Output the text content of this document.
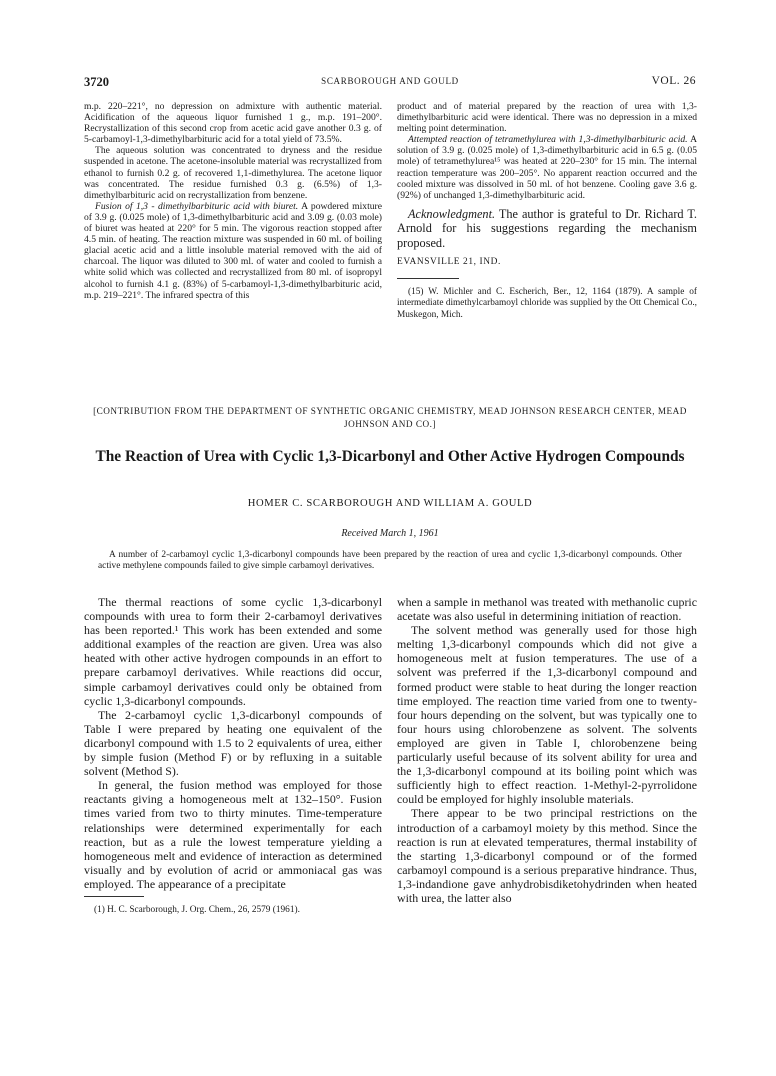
3720	SCARBOROUGH AND GOULD	VOL. 26

m.p. 220–221°, no depression on admixture with authentic material. Acidification of the aqueous liquor furnished 1 g., m.p. 191–200°. Recrystallization of this second crop from acetic acid gave another 0.3 g. of 5-carbamoyl-1,3-dimethylbarbituric acid for a total yield of 73.5%.

The aqueous solution was concentrated to dryness and the residue suspended in acetone. The acetone-insoluble material was recrystallized from ethanol to furnish 0.2 g. of recovered 1,1-dimethylurea. The acetone liquor was concentrated. The residue furnished 0.3 g. (6.5%) of 1,3-dimethylbarbituric acid on recrystallization from benzene.

Fusion of 1,3 - dimethylbarbituric acid with biuret. A powdered mixture of 3.9 g. (0.025 mole) of 1,3-dimethylbarbituric acid and 3.09 g. (0.03 mole) of biuret was heated at 220° for 5 min. The vigorous reaction stopped after 4.5 min. of heating. The reaction mixture was suspended in 60 ml. of boiling glacial acetic acid and a little insoluble material removed with the aid of charcoal. The liquor was diluted to 300 ml. of water and cooled to furnish a white solid which was collected and recrystallized from 80 ml. of isopropyl alcohol to furnish 4.1 g. (83%) of 5-carbamoyl-1,3-dimethylbarbituric acid, m.p. 219–221°. The infrared spectra of this

product and of material prepared by the reaction of urea with 1,3-dimethylbarbituric acid were identical. There was no depression in a mixed melting point determination.

Attempted reaction of tetramethylurea with 1,3-dimethylbarbituric acid. A solution of 3.9 g. (0.025 mole) of 1,3-dimethylbarbituric acid in 6.5 g. (0.05 mole) of tetramethylurea¹⁵ was heated at 220–230° for 15 min. The internal reaction temperature was 200–205°. No apparent reaction occurred and the cooled mixture was dissolved in 50 ml. of hot benzene. Cooling gave 3.6 g. (92%) of unchanged 1,3-dimethylbarbituric acid.

Acknowledgment. The author is grateful to Dr. Richard T. Arnold for his suggestions regarding the mechanism proposed.

EVANSVILLE 21, IND.

(15) W. Michler and C. Escherich, Ber., 12, 1164 (1879). A sample of intermediate dimethylcarbamoyl chloride was supplied by the Ott Chemical Co., Muskegon, Mich.

[CONTRIBUTION FROM THE DEPARTMENT OF SYNTHETIC ORGANIC CHEMISTRY, MEAD JOHNSON RESEARCH CENTER, MEAD JOHNSON AND CO.]
The Reaction of Urea with Cyclic 1,3-Dicarbonyl and Other Active Hydrogen Compounds
HOMER C. SCARBOROUGH AND WILLIAM A. GOULD
Received March 1, 1961
A number of 2-carbamoyl cyclic 1,3-dicarbonyl compounds have been prepared by the reaction of urea and cyclic 1,3-dicarbonyl compounds. Other active methylene compounds failed to give simple carbamoyl derivatives.

The thermal reactions of some cyclic 1,3-dicarbonyl compounds with urea to form their 2-carbamoyl derivatives has been reported.¹ This work has been extended and some additional examples of the reaction are given. Urea was also heated with other active hydrogen compounds in an effort to prepare carbamoyl derivatives. While reactions did occur, simple carbamoyl derivatives could only be obtained from cyclic 1,3-dicarbonyl compounds.

The 2-carbamoyl cyclic 1,3-dicarbonyl compounds of Table I were prepared by heating one equivalent of the dicarbonyl compound with 1.5 to 2 equivalents of urea, either by simple fusion (Method F) or by refluxing in a suitable solvent (Method S).

In general, the fusion method was employed for those reactants giving a homogeneous melt at 132–150°. Fusion times varied from two to thirty minutes. Time-temperature relationships were determined experimentally for each reaction, but as a rule the lowest temperature yielding a homogeneous melt and evidence of interaction as determined visually and by evolution of acrid or ammoniacal gas was employed. The appearance of a precipitate

(1) H. C. Scarborough, J. Org. Chem., 26, 2579 (1961).

when a sample in methanol was treated with methanolic cupric acetate was also useful in determining initiation of reaction.

The solvent method was generally used for those high melting 1,3-dicarbonyl compounds which did not give a homogeneous melt at fusion temperatures. The use of a solvent was preferred if the 1,3-dicarbonyl compound and formed product were stable to heat during the longer reaction time employed. The reaction time varied from one to twenty-four hours depending on the solvent, but was typically one to four hours using chlorobenzene as solvent. The solvents employed are given in Table I, chlorobenzene being particularly useful because of its solvent ability for urea and the 1,3-dicarbonyl compound at its boiling point which was sufficiently high to effect reaction. 1-Methyl-2-pyrrolidone could be employed for highly insoluble materials.

There appear to be two principal restrictions on the introduction of a carbamoyl moiety by this method. Since the reaction is run at elevated temperatures, thermal instability of the starting 1,3-dicarbonyl compound or of the formed carbamoyl compound is a serious preparative hindrance. Thus, 1,3-indandione gave anhydrobisdiketohydrinden when heated with urea, the latter also
